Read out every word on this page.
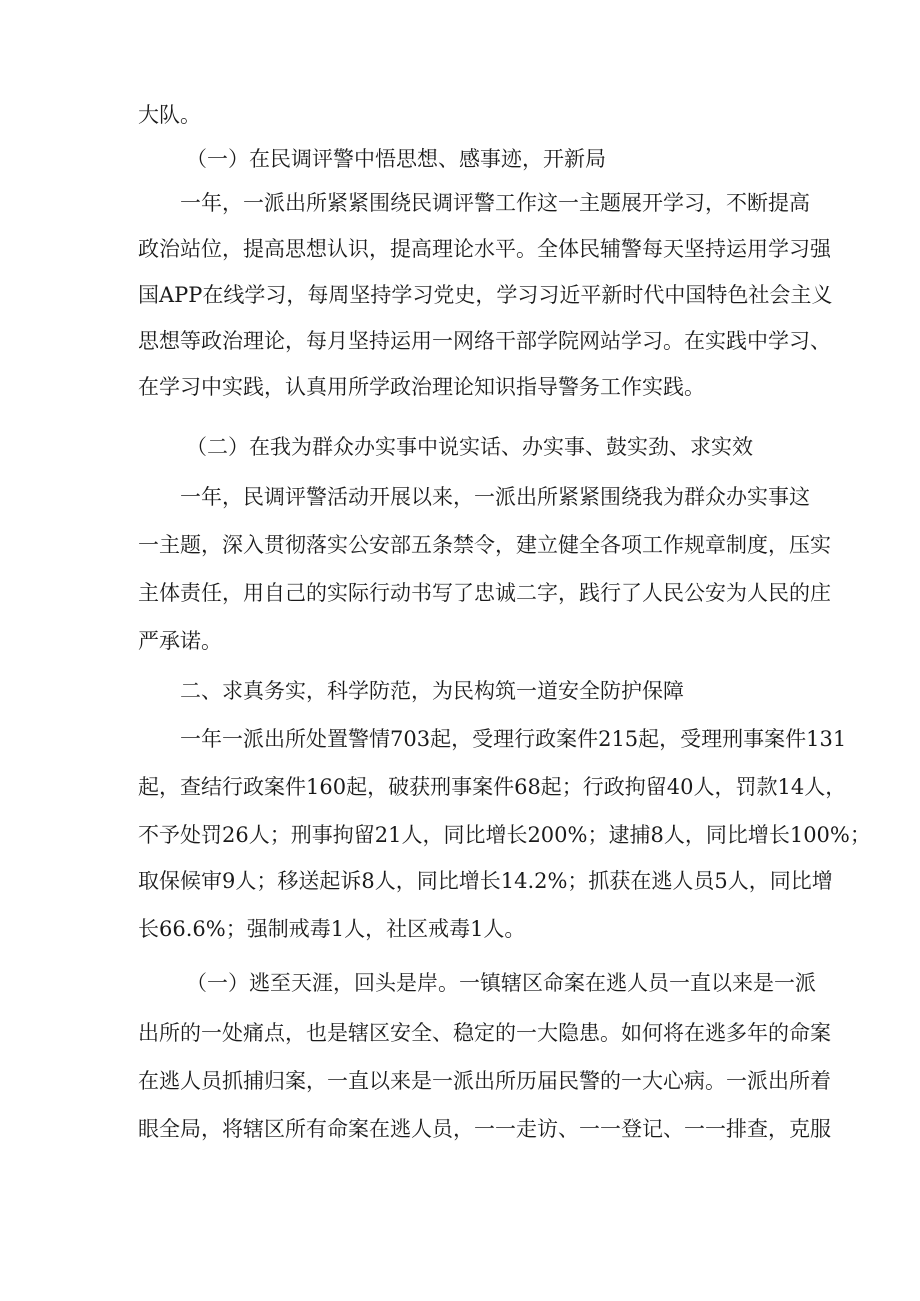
大队。
（一）在民调评警中悟思想、感事迹，开新局
一年，一派出所紧紧围绕民调评警工作这一主题展开学习，不断提高
政治站位，提高思想认识，提高理论水平。全体民辅警每天坚持运用学习强
国APP在线学习，每周坚持学习党史，学习习近平新时代中国特色社会主义
思想等政治理论，每月坚持运用一网络干部学院网站学习。在实践中学习、
在学习中实践，认真用所学政治理论知识指导警务工作实践。
（二）在我为群众办实事中说实话、办实事、鼓实劲、求实效
一年，民调评警活动开展以来，一派出所紧紧围绕我为群众办实事这
一主题，深入贯彻落实公安部五条禁令，建立健全各项工作规章制度，压实
主体责任，用自己的实际行动书写了忠诚二字，践行了人民公安为人民的庄
严承诺。
二、求真务实，科学防范，为民构筑一道安全防护保障
一年一派出所处置警情703起，受理行政案件215起，受理刑事案件131
起，查结行政案件160起，破获刑事案件68起；行政拘留40人，罚款14人，
不予处罚26人；刑事拘留21人，同比增长200%；逮捕8人，同比增长100%；
取保候审9人；移送起诉8人，同比增长14.2%；抓获在逃人员5人，同比增
长66.6%；强制戒毒1人，社区戒毒1人。
（一）逃至天涯，回头是岸。一镇辖区命案在逃人员一直以来是一派
出所的一处痛点，也是辖区安全、稳定的一大隐患。如何将在逃多年的命案
在逃人员抓捕归案，一直以来是一派出所历届民警的一大心病。一派出所着
眼全局，将辖区所有命案在逃人员，一一走访、一一登记、一一排查，克服
